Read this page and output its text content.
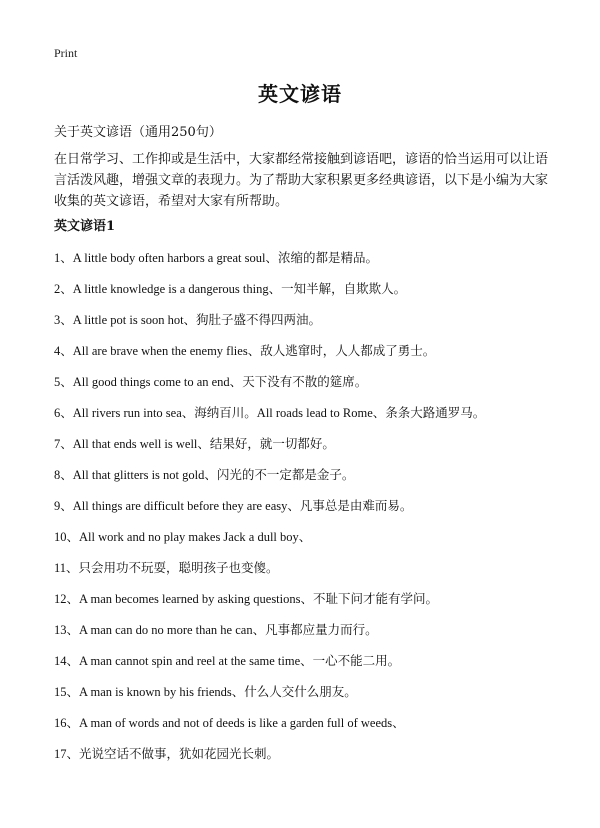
Print
英文谚语
关于英文谚语（通用250句）
在日常学习、工作抑或是生活中，大家都经常接触到谚语吧，谚语的恰当运用可以让语言活泼风趣，增强文章的表现力。为了帮助大家积累更多经典谚语，以下是小编为大家收集的英文谚语，希望对大家有所帮助。
英文谚语1
1、A little body often harbors a great soul、浓缩的都是精品。
2、A little knowledge is a dangerous thing、一知半解，自欺欺人。
3、A little pot is soon hot、狗肚子盛不得四两油。
4、All are brave when the enemy flies、敌人逃窜时，人人都成了勇士。
5、All good things come to an end、天下没有不散的筵席。
6、All rivers run into sea、海纳百川。All roads lead to Rome、条条大路通罗马。
7、All that ends well is well、结果好，就一切都好。
8、All that glitters is not gold、闪光的不一定都是金子。
9、All things are difficult before they are easy、凡事总是由难而易。
10、All work and no play makes Jack a dull boy、
11、只会用功不玩耍，聪明孩子也变傻。
12、A man becomes learned by asking questions、不耻下问才能有学问。
13、A man can do no more than he can、凡事都应量力而行。
14、A man cannot spin and reel at the same time、一心不能二用。
15、A man is known by his friends、什么人交什么朋友。
16、A man of words and not of deeds is like a garden full of weeds、
17、光说空话不做事，犹如花园光长刺。
